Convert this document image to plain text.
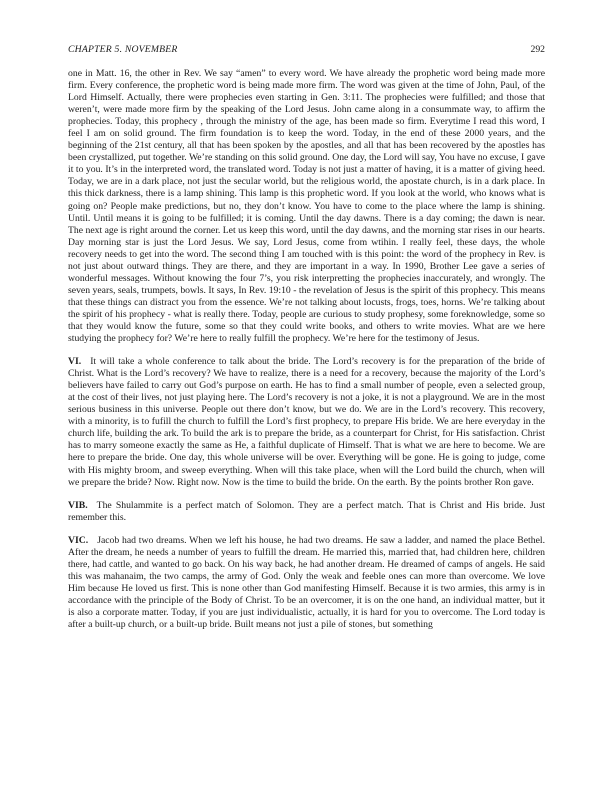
CHAPTER 5. NOVEMBER	292

one in Matt. 16, the other in Rev. We say “amen” to every word. We have already the prophetic word being made more firm. Every conference, the prophetic word is being made more firm. The word was given at the time of John, Paul, of the Lord Himself. Actually, there were prophecies even starting in Gen. 3:11. The prophecies were fulfilled; and those that weren’t, were made more firm by the speaking of the Lord Jesus. John came along in a consummate way, to affirm the prophecies. Today, this prophecy , through the ministry of the age, has been made so firm. Everytime I read this word, I feel I am on solid ground. The firm foundation is to keep the word. Today, in the end of these 2000 years, and the beginning of the 21st century, all that has been spoken by the apostles, and all that has been recovered by the apostles has been crystallized, put together. We’re standing on this solid ground. One day, the Lord will say, You have no excuse, I gave it to you. It’s in the interpreted word, the translated word. Today is not just a matter of having, it is a matter of giving heed. Today, we are in a dark place, not just the secular world, but the religious world, the apostate church, is in a dark place. In this thick darkness, there is a lamp shining. This lamp is this prophetic word. If you look at the world, who knows what is going on? People make predictions, but no, they don’t know. You have to come to the place where the lamp is shining. Until. Until means it is going to be fulfilled; it is coming. Until the day dawns. There is a day coming; the dawn is near. The next age is right around the corner. Let us keep this word, until the day dawns, and the morning star rises in our hearts. Day morning star is just the Lord Jesus. We say, Lord Jesus, come from wtihin. I really feel, these days, the whole recovery needs to get into the word. The second thing I am touched with is this point: the word of the prophecy in Rev. is not just about outward things. They are there, and they are important in a way. In 1990, Brother Lee gave a series of wonderful messages. Without knowing the four 7’s, you risk interpretting the prophecies inaccurately, and wrongly. The seven years, seals, trumpets, bowls. It says, In Rev. 19:10 - the revelation of Jesus is the spirit of this prophecy. This means that these things can distract you from the essence. We’re not talking about locusts, frogs, toes, horns. We’re talking about the spirit of his prophecy - what is really there. Today, people are curious to study prophesy, some foreknowledge, some so that they would know the future, some so that they could write books, and others to write movies. What are we here studying the prophecy for? We’re here to really fulfill the prophecy. We’re here for the testimony of Jesus.

VI. It will take a whole conference to talk about the bride. The Lord’s recovery is for the preparation of the bride of Christ. What is the Lord’s recovery? We have to realize, there is a need for a recovery, because the majority of the Lord’s believers have failed to carry out God’s purpose on earth. He has to find a small number of people, even a selected group, at the cost of their lives, not just playing here. The Lord’s recovery is not a joke, it is not a playground. We are in the most serious business in this universe. People out there don’t know, but we do. We are in the Lord’s recovery. This recovery, with a minority, is to fufill the church to fulfill the Lord’s first prophecy, to prepare His bride. We are here everyday in the church life, building the ark. To build the ark is to prepare the bride, as a counterpart for Christ, for His satisfaction. Christ has to marry someone exactly the same as He, a faithful duplicate of Himself. That is what we are here to become. We are here to prepare the bride. One day, this whole universe will be over. Everything will be gone. He is going to judge, come with His mighty broom, and sweep everything. When will this take place, when will the Lord build the church, when will we prepare the bride? Now. Right now. Now is the time to build the bride. On the earth. By the points brother Ron gave.

VIB. The Shulammite is a perfect match of Solomon. They are a perfect match. That is Christ and His bride. Just remember this.

VIC. Jacob had two dreams. When we left his house, he had two dreams. He saw a ladder, and named the place Bethel. After the dream, he needs a number of years to fulfill the dream. He married this, married that, had children here, children there, had cattle, and wanted to go back. On his way back, he had another dream. He dreamed of camps of angels. He said this was mahanaim, the two camps, the army of God. Only the weak and feeble ones can more than overcome. We love Him because He loved us first. This is none other than God manifesting Himself. Because it is two armies, this army is in accordance with the principle of the Body of Christ. To be an overcomer, it is on the one hand, an individual matter, but it is also a corporate matter. Today, if you are just individualistic, actually, it is hard for you to overcome. The Lord today is after a built-up church, or a built-up bride. Built means not just a pile of stones, but something
